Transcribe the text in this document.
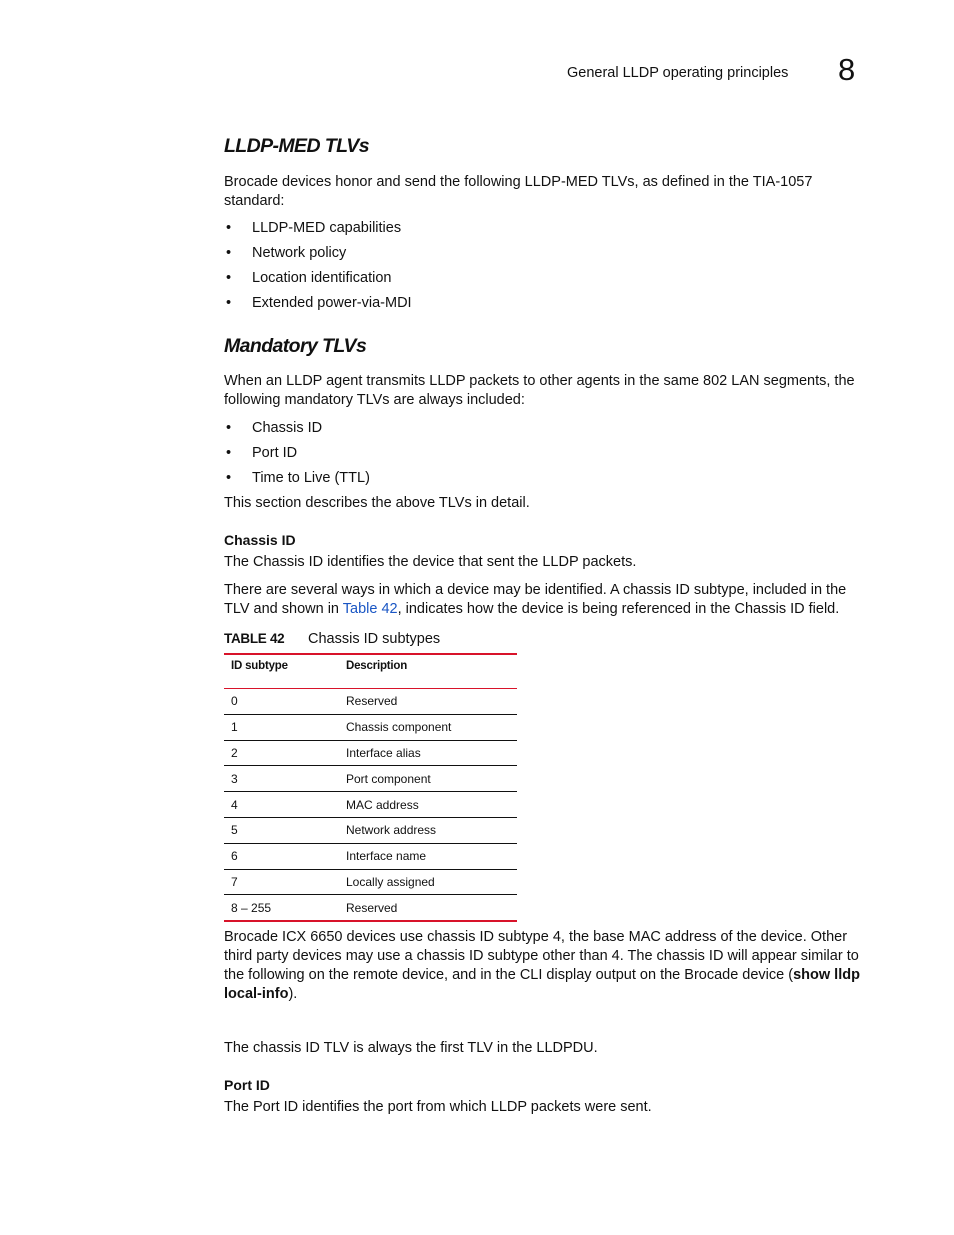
General LLDP operating principles 8
LLDP-MED TLVs
Brocade devices honor and send the following LLDP-MED TLVs, as defined in the TIA-1057 standard:
• LLDP-MED capabilities
• Network policy
• Location identification
• Extended power-via-MDI
Mandatory TLVs
When an LLDP agent transmits LLDP packets to other agents in the same 802 LAN segments, the following mandatory TLVs are always included:
• Chassis ID
• Port ID
• Time to Live (TTL)
This section describes the above TLVs in detail.
Chassis ID
The Chassis ID identifies the device that sent the LLDP packets.
There are several ways in which a device may be identified. A chassis ID subtype, included in the TLV and shown in Table 42, indicates how the device is being referenced in the Chassis ID field.
TABLE 42 Chassis ID subtypes
ID subtype	Description
0	Reserved
1	Chassis component
2	Interface alias
3	Port component
4	MAC address
5	Network address
6	Interface name
7	Locally assigned
8 – 255	Reserved
Brocade ICX 6650 devices use chassis ID subtype 4, the base MAC address of the device. Other third party devices may use a chassis ID subtype other than 4. The chassis ID will appear similar to the following on the remote device, and in the CLI display output on the Brocade device (show lldp local-info).
The chassis ID TLV is always the first TLV in the LLDPDU.
Port ID
The Port ID identifies the port from which LLDP packets were sent.
